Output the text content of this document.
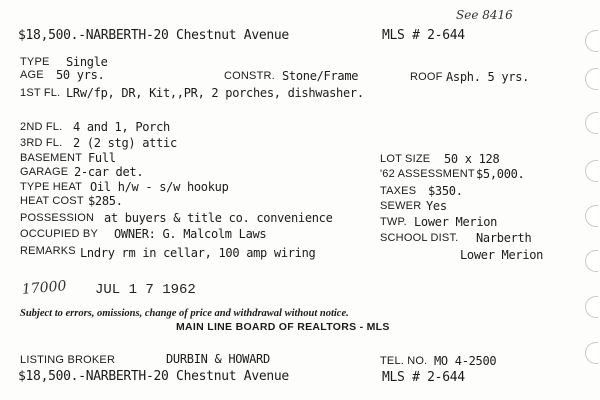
See 8416
$18,500.-NARBERTH-20 Chestnut Avenue	MLS # 2-644
TYPE Single
AGE 50 yrs.	CONSTR. Stone/Frame	ROOF Asph. 5 yrs.
1ST FL. LRw/fp, DR, Kit,,PR, 2 porches, dishwasher.
2ND FL. 4 and 1, Porch
3RD FL. 2 (2 stg) attic
BASEMENT Full	LOT SIZE 50 x 128
GARAGE 2-car det.	'62 ASSESSMENT $5,000.
TYPE HEAT Oil h/w - s/w hookup	TAXES $350.
HEAT COST $285.	SEWER Yes
POSSESSION at buyers & title co. convenience	TWP. Lower Merion
OCCUPIED BY OWNER: G. Malcolm Laws	SCHOOL DIST. Narberth
REMARKS Lndry rm in cellar, 100 amp wiring	Lower Merion
17000 JUL 1 7 1962
Subject to errors, omissions, change of price and withdrawal without notice.
MAIN LINE BOARD OF REALTORS - MLS
LISTING BROKER	DURBIN & HOWARD	TEL. NO. MO 4-2500
$18,500.-NARBERTH-20 Chestnut Avenue	MLS # 2-644
